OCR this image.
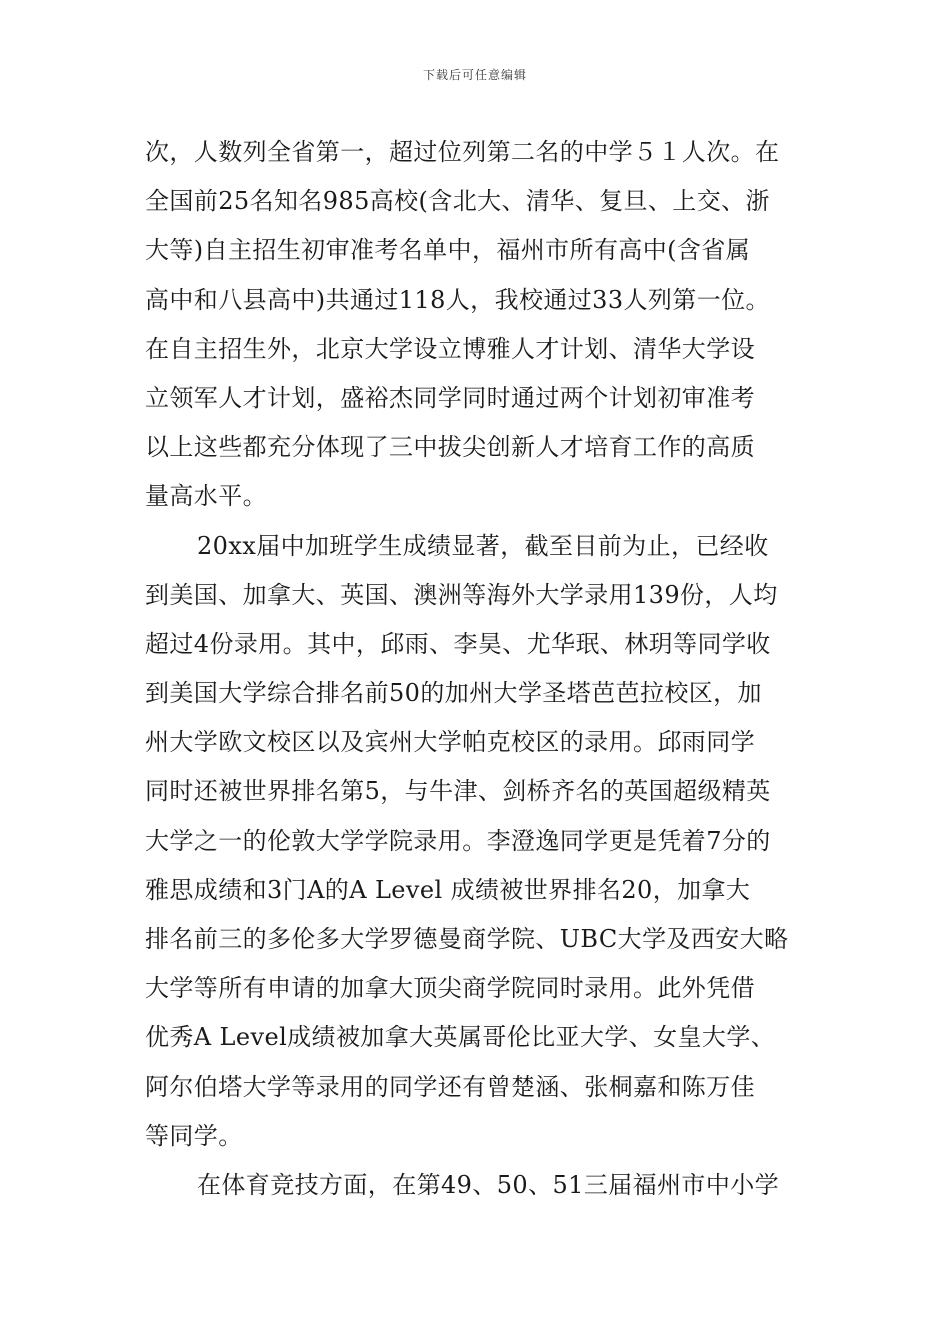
下载后可任意编辑
次，人数列全省第一，超过位列第二名的中学５１人次。在
全国前25名知名985高校(含北大、清华、复旦、上交、浙
大等)自主招生初审准考名单中，福州市所有高中(含省属
高中和八县高中)共通过118人，我校通过33人列第一位。
在自主招生外，北京大学设立博雅人才计划、清华大学设
立领军人才计划，盛裕杰同学同时通过两个计划初审准考
以上这些都充分体现了三中拔尖创新人才培育工作的高质
量高水平。
20xx届中加班学生成绩显著，截至目前为止，已经收
到美国、加拿大、英国、澳洲等海外大学录用139份，人均
超过4份录用。其中，邱雨、李昊、尤华珉、林玥等同学收
到美国大学综合排名前50的加州大学圣塔芭芭拉校区，加
州大学欧文校区以及宾州大学帕克校区的录用。邱雨同学
同时还被世界排名第5，与牛津、剑桥齐名的英国超级精英
大学之一的伦敦大学学院录用。李澄逸同学更是凭着7分的
雅思成绩和3门A的A Level 成绩被世界排名20，加拿大
排名前三的多伦多大学罗德曼商学院、UBC大学及西安大略
大学等所有申请的加拿大顶尖商学院同时录用。此外凭借
优秀A Level成绩被加拿大英属哥伦比亚大学、女皇大学、
阿尔伯塔大学等录用的同学还有曾楚涵、张桐嘉和陈万佳
等同学。
在体育竞技方面，在第49、50、51三届福州市中小学
